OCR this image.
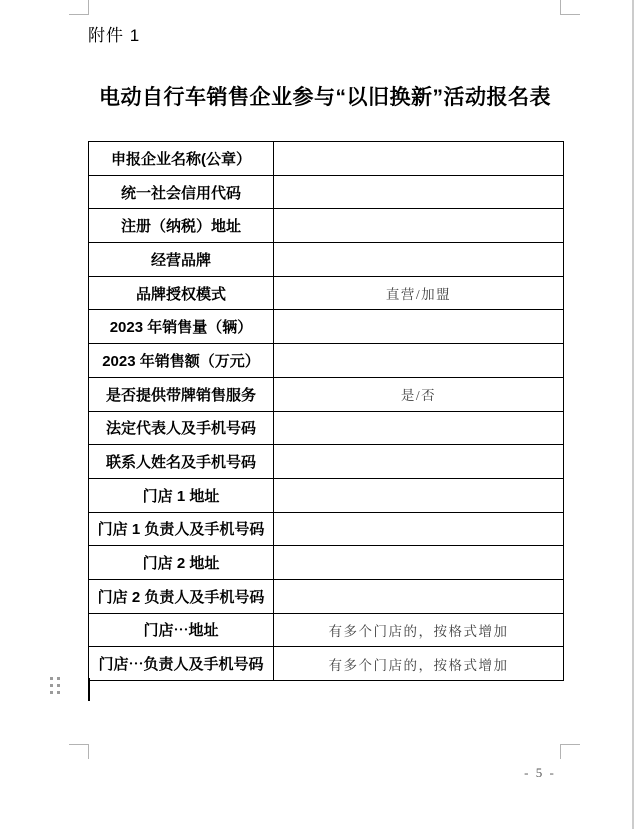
附件 1
电动自行车销售企业参与“以旧换新”活动报名表
申报企业名称(公章）	
统一社会信用代码	
注册（纳税）地址	
经营品牌	
品牌授权模式	直营/加盟
2023 年销售量（辆）	
2023 年销售额（万元）	
是否提供带牌销售服务	是/否
法定代表人及手机号码	
联系人姓名及手机号码	
门店 1 地址	
门店 1 负责人及手机号码	
门店 2 地址	
门店 2 负责人及手机号码	
门店⋯地址	有多个门店的，按格式增加
门店⋯负责人及手机号码	有多个门店的，按格式增加
- 5 -
